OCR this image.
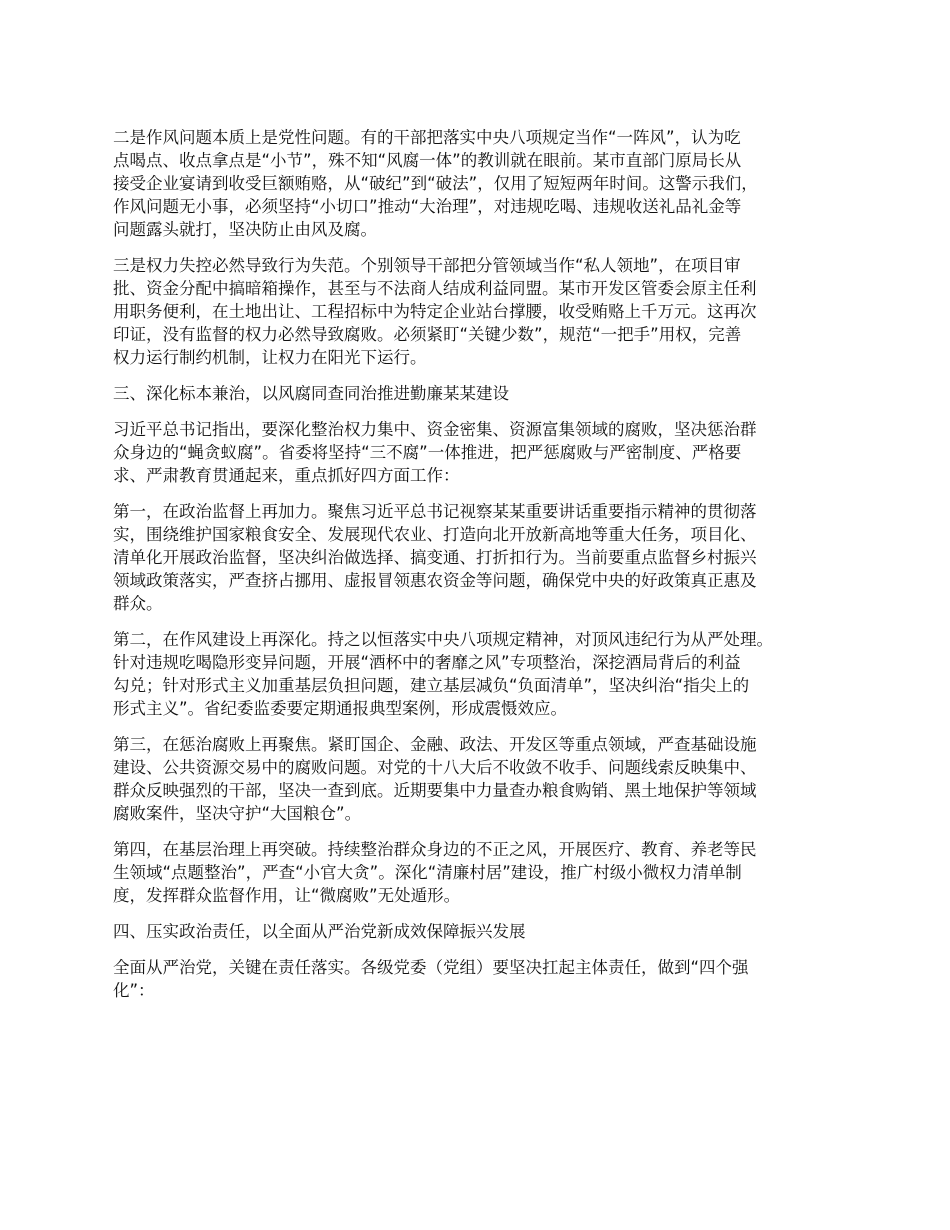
二是作风问题本质上是党性问题。有的干部把落实中央八项规定当作“一阵风”，认为吃
点喝点、收点拿点是“小节”，殊不知“风腐一体”的教训就在眼前。某市直部门原局长从
接受企业宴请到收受巨额贿赂，从“破纪”到“破法”，仅用了短短两年时间。这警示我们，
作风问题无小事，必须坚持“小切口”推动“大治理”，对违规吃喝、违规收送礼品礼金等
问题露头就打，坚决防止由风及腐。

三是权力失控必然导致行为失范。个别领导干部把分管领域当作“私人领地”，在项目审
批、资金分配中搞暗箱操作，甚至与不法商人结成利益同盟。某市开发区管委会原主任利
用职务便利，在土地出让、工程招标中为特定企业站台撑腰，收受贿赂上千万元。这再次
印证，没有监督的权力必然导致腐败。必须紧盯“关键少数”，规范“一把手”用权，完善
权力运行制约机制，让权力在阳光下运行。

三、深化标本兼治，以风腐同查同治推进勤廉某某建设

习近平总书记指出，要深化整治权力集中、资金密集、资源富集领域的腐败，坚决惩治群
众身边的“蝇贪蚁腐”。省委将坚持“三不腐”一体推进，把严惩腐败与严密制度、严格要
求、严肃教育贯通起来，重点抓好四方面工作：

第一，在政治监督上再加力。聚焦习近平总书记视察某某重要讲话重要指示精神的贯彻落
实，围绕维护国家粮食安全、发展现代农业、打造向北开放新高地等重大任务，项目化、
清单化开展政治监督，坚决纠治做选择、搞变通、打折扣行为。当前要重点监督乡村振兴
领域政策落实，严查挤占挪用、虚报冒领惠农资金等问题，确保党中央的好政策真正惠及
群众。

第二，在作风建设上再深化。持之以恒落实中央八项规定精神，对顶风违纪行为从严处理。
针对违规吃喝隐形变异问题，开展“酒杯中的奢靡之风”专项整治，深挖酒局背后的利益
勾兑；针对形式主义加重基层负担问题，建立基层减负“负面清单”，坚决纠治“指尖上的
形式主义”。省纪委监委要定期通报典型案例，形成震慑效应。

第三，在惩治腐败上再聚焦。紧盯国企、金融、政法、开发区等重点领域，严查基础设施
建设、公共资源交易中的腐败问题。对党的十八大后不收敛不收手、问题线索反映集中、
群众反映强烈的干部，坚决一查到底。近期要集中力量查办粮食购销、黑土地保护等领域
腐败案件，坚决守护“大国粮仓”。

第四，在基层治理上再突破。持续整治群众身边的不正之风，开展医疗、教育、养老等民
生领域“点题整治”，严查“小官大贪”。深化“清廉村居”建设，推广村级小微权力清单制
度，发挥群众监督作用，让“微腐败”无处遁形。

四、压实政治责任，以全面从严治党新成效保障振兴发展

全面从严治党，关键在责任落实。各级党委（党组）要坚决扛起主体责任，做到“四个强
化”：
